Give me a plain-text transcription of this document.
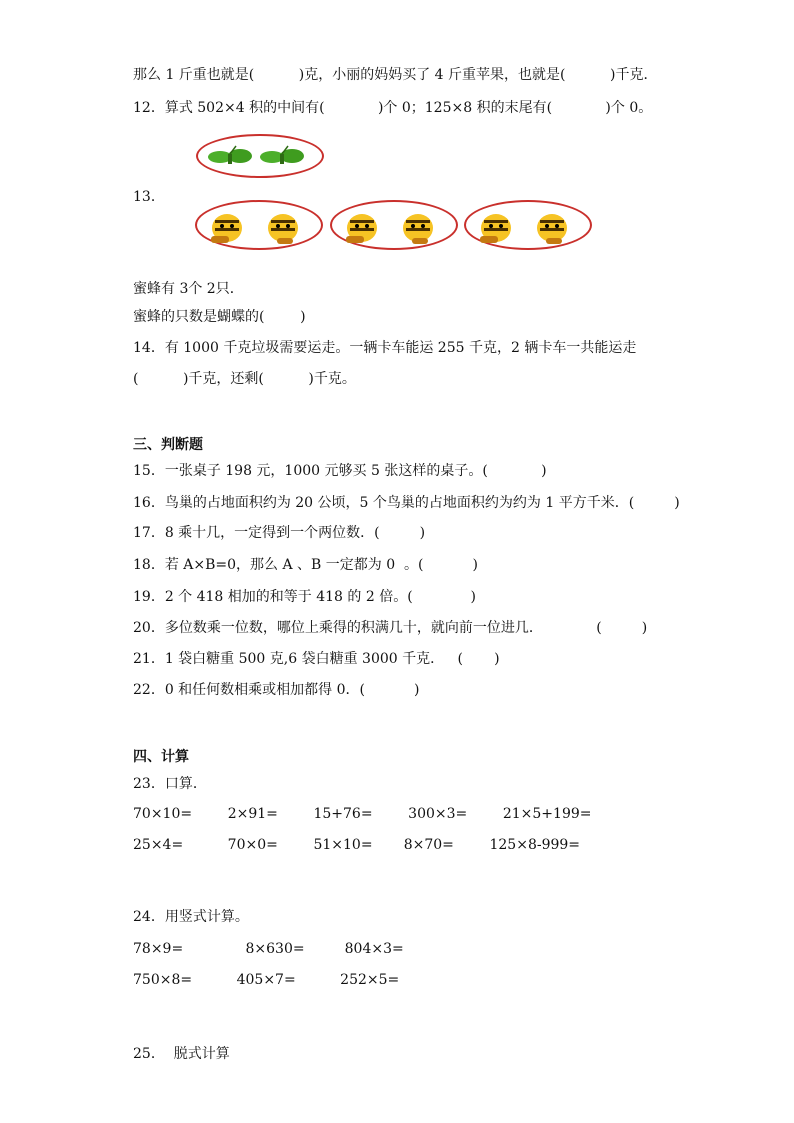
那么 1 斤重也就是(          )克，小丽的妈妈买了 4 斤重苹果，也就是(          )千克．
12．算式 502×4 积的中间有(            )个 0；125×8 积的末尾有(            )个 0。
13．
蜜蜂有 3个 2只．
蜜蜂的只数是蝴蝶的(        )
14．有 1000 千克垃圾需要运走。一辆卡车能运 255 千克，2 辆卡车一共能运走
(          )千克，还剩(          )千克。
三、判断题
15．一张桌子 198 元，1000 元够买 5 张这样的桌子。(            )
16．鸟巢的占地面积约为 20 公顷，5 个鸟巢的占地面积约为约为 1 平方千米．(         )
17．8 乘十几，一定得到一个两位数．(         )
18．若 A×B=0，那么 A 、B 一定都为 0  。(           )
19．2 个 418 相加的和等于 418 的 2 倍。(             )
20．多位数乘一位数，哪位上乘得的积满几十，就向前一位进几．            (         )
21．1 袋白糖重 500 克,6 袋白糖重 3000 千克．   (       )
22．0 和任何数相乘或相加都得 0．(           )
四、计算
23．口算．
70×10=        2×91=        15+76=        300×3=        21×5+199=
25×4=          70×0=        51×10=       8×70=        125×8-999=
24．用竖式计算。
78×9=              8×630=         804×3=
750×8=          405×7=          252×5=
25．  脱式计算
